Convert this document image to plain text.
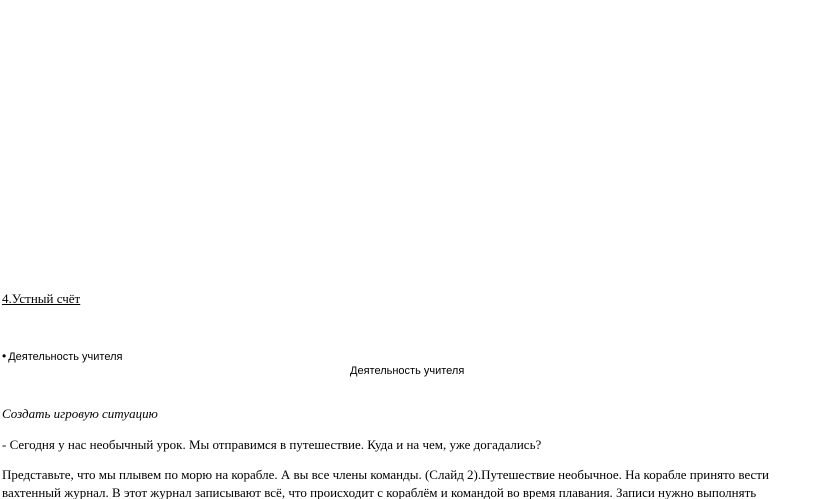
4.Устный счёт
• Деятельность учителя
Деятельность учителя
Создать игровую ситуацию
- Сегодня у нас необычный урок. Мы отправимся в путешествие. Куда и на чем, уже догадались?
Представьте, что мы плывем по морю на корабле. А вы все члены команды. (Слайд 2).Путешествие необычное. На корабле принято вести
вахтенный журнал. В этот журнал записывают всё, что происходит с кораблём и командой во время плавания. Записи нужно выполнять
